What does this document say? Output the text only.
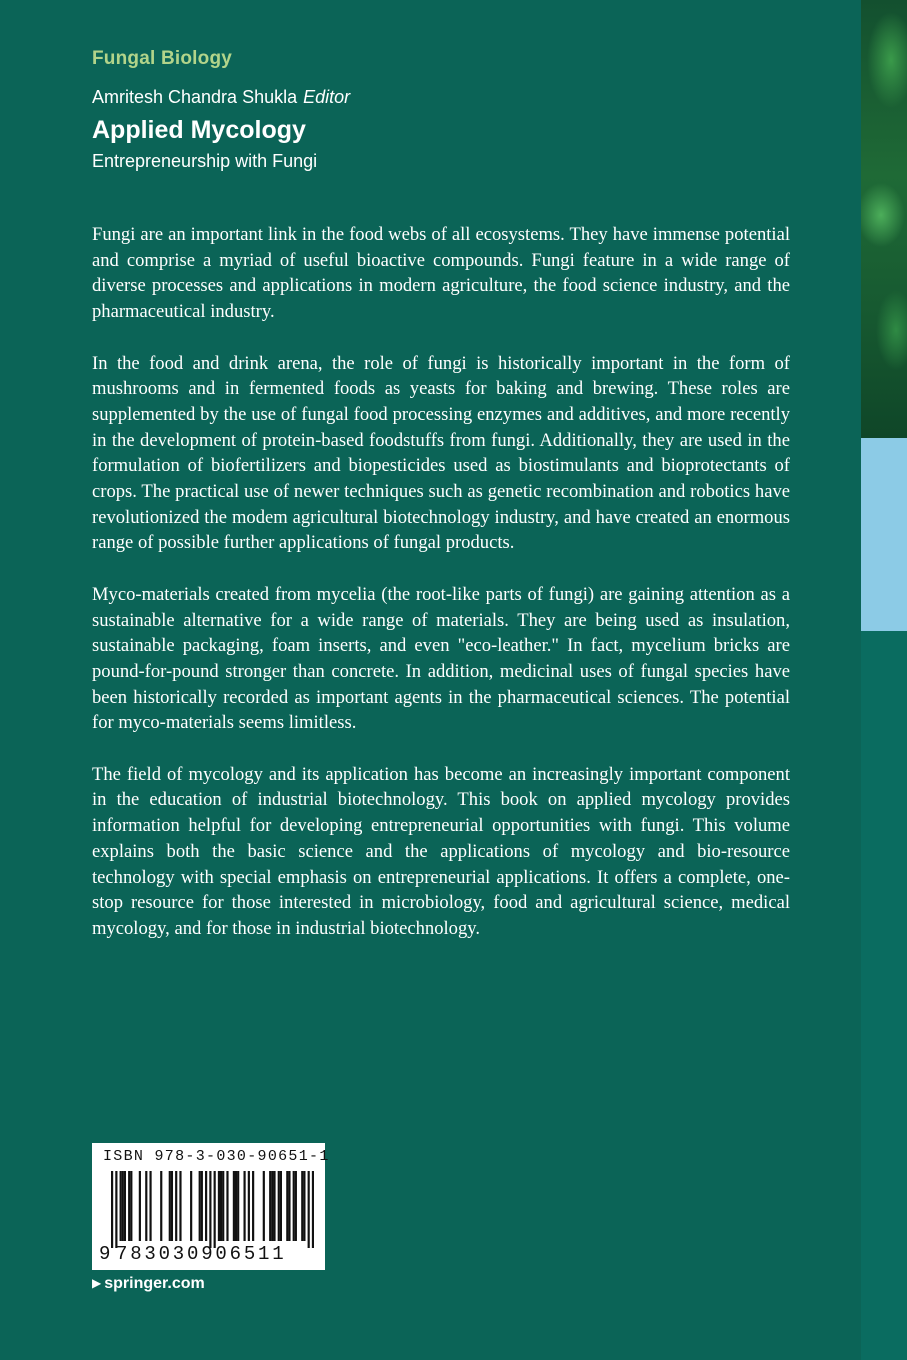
Fungal Biology
Amritesh Chandra Shukla Editor
Applied Mycology
Entrepreneurship with Fungi

Fungi are an important link in the food webs of all ecosystems. They have immense potential and comprise a myriad of useful bioactive compounds. Fungi feature in a wide range of diverse processes and applications in modern agriculture, the food science industry, and the pharmaceutical industry.

In the food and drink arena, the role of fungi is historically important in the form of mushrooms and in fermented foods as yeasts for baking and brewing. These roles are supplemented by the use of fungal food processing enzymes and additives, and more recently in the development of protein-based foodstuffs from fungi. Additionally, they are used in the formulation of biofertilizers and biopesticides used as biostimulants and bioprotectants of crops. The practical use of newer techniques such as genetic recombination and robotics have revolutionized the modem agricultural biotechnology industry, and have created an enormous range of possible further applications of fungal products.

Myco-materials created from mycelia (the root-like parts of fungi) are gaining attention as a sustainable alternative for a wide range of materials. They are being used as insulation, sustainable packaging, foam inserts, and even "eco-leather." In fact, mycelium bricks are pound-for-pound stronger than concrete. In addition, medicinal uses of fungal species have been historically recorded as important agents in the pharmaceutical sciences. The potential for myco-materials seems limitless.

The field of mycology and its application has become an increasingly important component in the education of industrial biotechnology. This book on applied mycology provides information helpful for developing entrepreneurial opportunities with fungi. This volume explains both the basic science and the applications of mycology and bio-resource technology with special emphasis on entrepreneurial applications. It offers a complete, one-stop resource for those interested in microbiology, food and agricultural science, medical mycology, and for those in industrial biotechnology.

ISBN 978-3-030-90651-1
9 783030906511
▶ springer.com
